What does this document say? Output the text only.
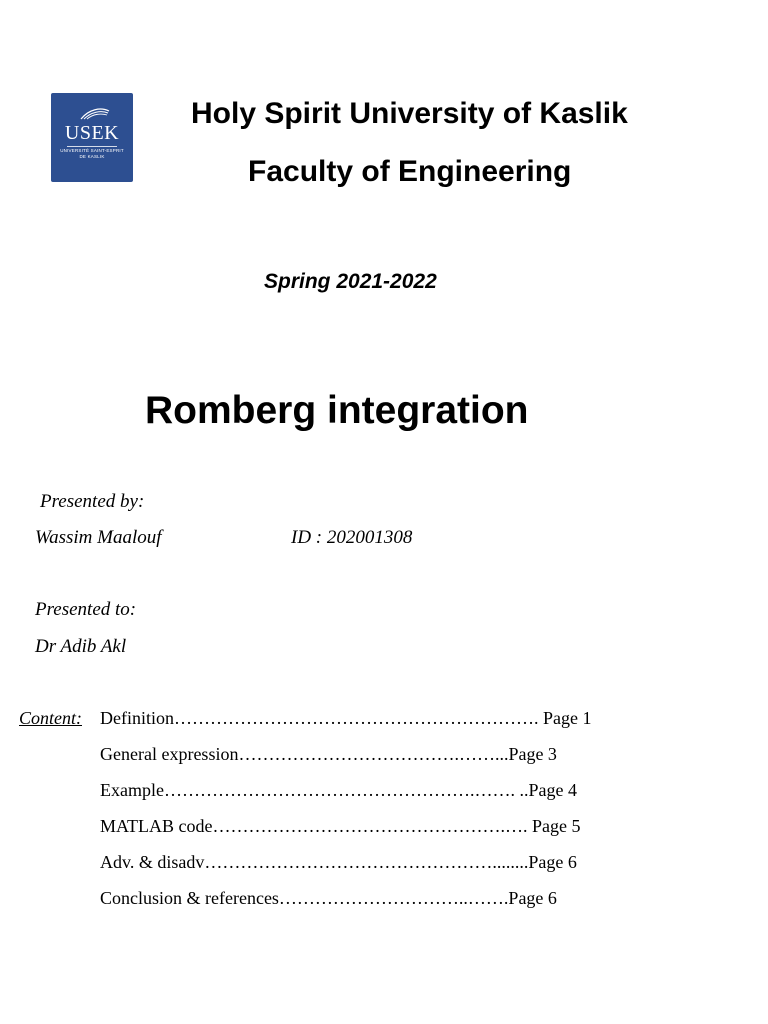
USEK
UNIVERSITÉ SAINT-ESPRIT
DE KASLIK
Holy Spirit University of Kaslik
Faculty of Engineering
Spring 2021-2022
Romberg integration
Presented by:
Wassim Maalouf	ID : 202001308
Presented to:
Dr Adib Akl
Content: Definition……………………………………………………. Page 1
General expression……………………………….……...Page 3
Example…………………………………………….……. ..Page 4
MATLAB code………………………………………….…. Page 5
Adv. & disadv…………………………………………........Page 6
Conclusion & references…………………………..…….Page 6
